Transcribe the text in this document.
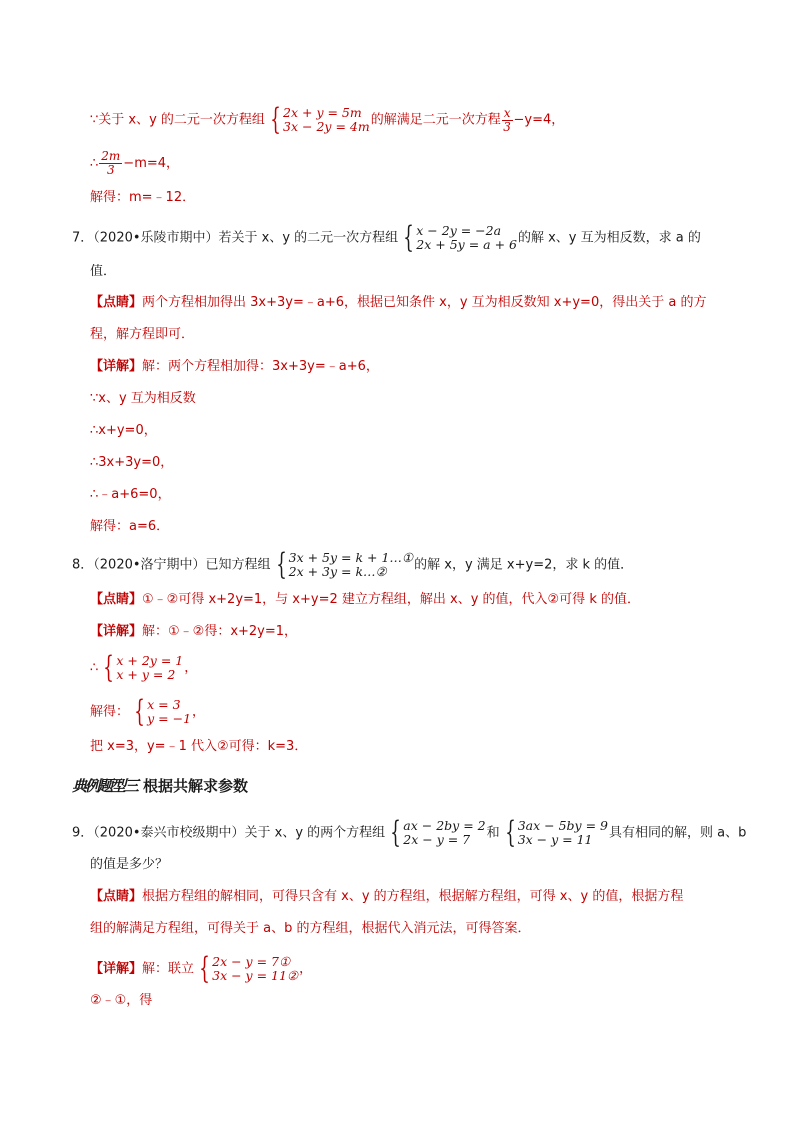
∵关于 x、y 的二元一次方程组 { 2x + y = 5m
3x − 2y = 4m 的解满足二元一次方程 $\frac{x}{3} -y=4$，
∴ $\frac{2m}{3} -m=4$，
解得：m=﹣12．
7．（2020•乐陵市期中）若关于 x、y 的二元一次方程组 { x − 2y = −2a
2x + 5y = a + 6 的解 x、y 互为相反数，求 a 的
值．
【点睛】两个方程相加得出 3x+3y=﹣a+6，根据已知条件 x，y 互为相反数知 x+y=0，得出关于 a 的方
程，解方程即可．
【详解】解：两个方程相加得：3x+3y=﹣a+6，
∵x、y 互为相反数
∴x+y=0，
∴3x+3y=0，
∴﹣a+6=0，
解得：a=6．
8．（2020•洛宁期中）已知方程组 { 3x + 5y = k + 1…①
2x + 3y = k…②	的解 x，y 满足 x+y=2，求 k 的值．
【点睛】①﹣②可得 x+2y=1，与 x+y=2 建立方程组，解出 x、y 的值，代入②可得 k 的值．
【详解】解：①﹣②得：x+2y=1，
∴ { x + 2y = 1
x + y = 2 ，
解得： { x = 3
y = −1 ，
把 x=3，y=﹣1 代入②可得：k=3．
典例题型三 根据共解求参数
9．（2020•泰兴市校级期中）关于 x、y 的两个方程组 { ax − 2by = 2
2x − y = 7	和 { 3ax − 5by = 9
3x − y = 11	具有相同的解，则 a、b
的值是多少？
【点睛】根据方程组的解相同，可得只含有 x、y 的方程组，根据解方程组，可得 x、y 的值，根据方程
组的解满足方程组，可得关于 a、b 的方程组，根据代入消元法，可得答案．
【详解】解：联立 { 2x − y = 7①
3x − y = 11② ，
②﹣①，得
